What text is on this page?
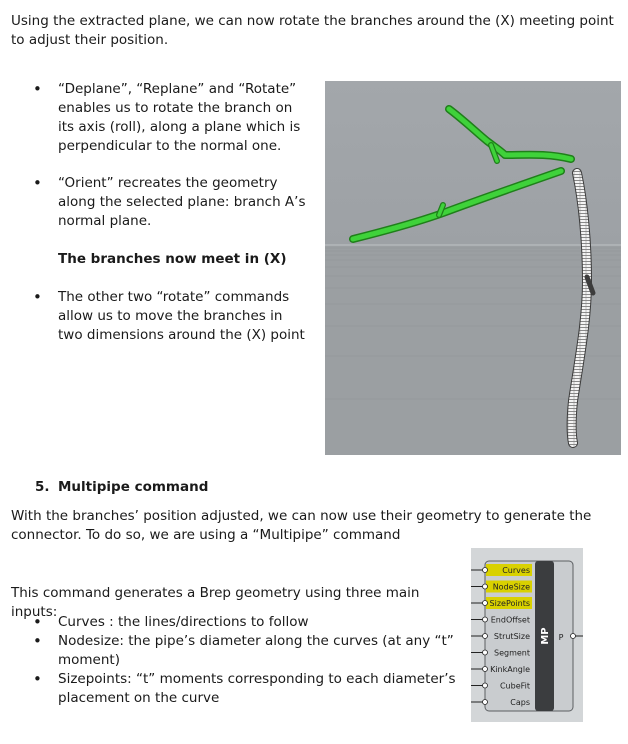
Using the extracted plane, we can now rotate the branches around the (X) meeting point to adjust their position.
• “Deplane”, “Replane” and “Rotate” enables us to rotate the branch on its axis (roll), along a plane which is perpendicular to the normal one.
• “Orient” recreates the geometry along the selected plane: branch A’s normal plane.
The branches now meet in (X)
• The other two “rotate” commands allow us to move the branches in two dimensions around the (X) point
5. Multipipe command
With the branches’ position adjusted, we can now use their geometry to generate the connector. To do so, we are using a “Multipipe” command
This command generates a Brep geometry using three main inputs:
• Curves : the lines/directions to follow
• Nodesize: the pipe’s diameter along the curves (at any “t” moment)
• Sizepoints: “t” moments corresponding to each diameter’s placement on the curve
MP
Curves
NodeSize
SizePoints
EndOffset
StrutSize
Segment
KinkAngle
CubeFit
Caps
P
